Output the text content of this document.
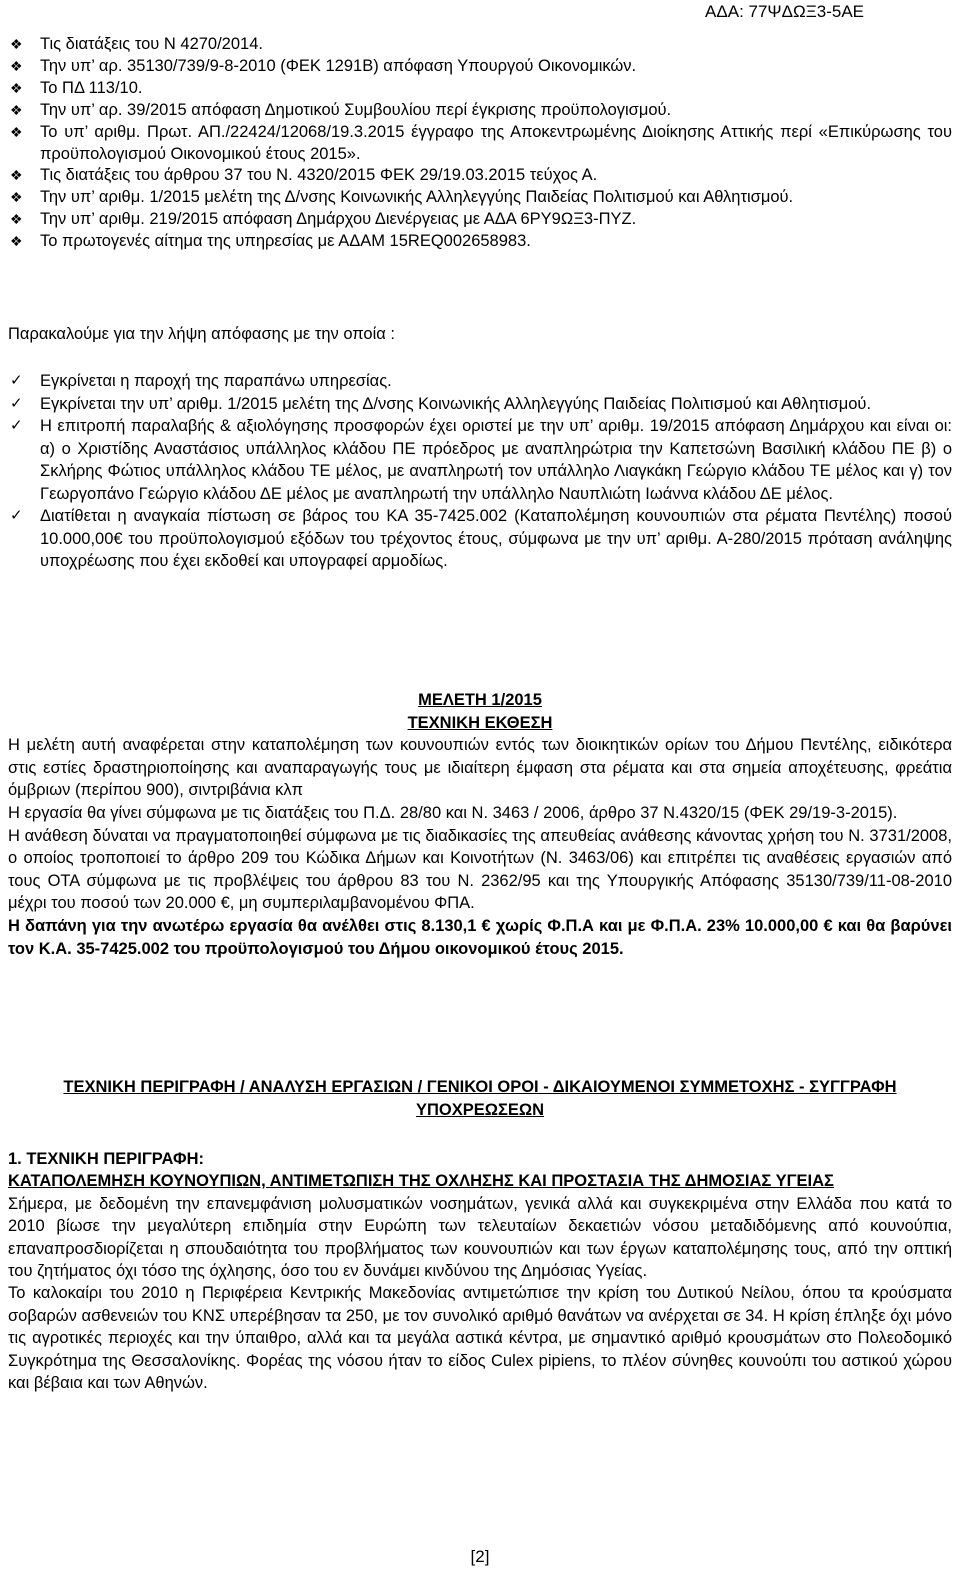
ΑΔΑ: 77ΨΔΩΞ3-5ΑΕ
❖ Τις διατάξεις του Ν 4270/2014.
❖ Την υπ’ αρ. 35130/739/9-8-2010 (ΦΕΚ 1291Β) απόφαση Υπουργού Οικονομικών.
❖ Το ΠΔ 113/10.
❖ Την υπ’ αρ. 39/2015 απόφαση Δημοτικού Συμβουλίου περί έγκρισης προϋπολογισμού.
❖ Το υπ’ αριθμ. Πρωτ. ΑΠ./22424/12068/19.3.2015 έγγραφο της Αποκεντρωμένης Διοίκησης Αττικής περί «Επικύρωσης του προϋπολογισμού Οικονομικού έτους 2015».
❖ Τις διατάξεις του άρθρου 37 του Ν. 4320/2015 ΦΕΚ 29/19.03.2015 τεύχος Α.
❖ Την υπ’ αριθμ. 1/2015 μελέτη της Δ/νσης Κοινωνικής Αλληλεγγύης Παιδείας Πολιτισμού και Αθλητισμού.
❖ Την υπ’ αριθμ. 219/2015 απόφαση Δημάρχου Διενέργειας με ΑΔΑ 6ΡΥ9ΩΞ3-ΠΥΖ.
❖ Το πρωτογενές αίτημα της υπηρεσίας με ΑΔΑΜ 15REQ002658983.
Παρακαλούμε για την λήψη απόφασης με την οποία :
✓ Εγκρίνεται η παροχή της παραπάνω υπηρεσίας.
✓ Εγκρίνεται την υπ’ αριθμ. 1/2015 μελέτη της Δ/νσης Κοινωνικής Αλληλεγγύης Παιδείας Πολιτισμού και Αθλητισμού.
✓ Η επιτροπή παραλαβής & αξιολόγησης προσφορών έχει οριστεί με την υπ’ αριθμ. 19/2015 απόφαση Δημάρχου και είναι οι: α) ο Χριστίδης Αναστάσιος υπάλληλος κλάδου ΠΕ πρόεδρος με αναπληρώτρια την Καπετσώνη Βασιλική κλάδου ΠΕ β) ο Σκλήρης Φώτιος υπάλληλος κλάδου ΤΕ μέλος, με αναπληρωτή τον υπάλληλο Λιαγκάκη Γεώργιο κλάδου ΤΕ μέλος και γ) τον Γεωργοπάνο Γεώργιο κλάδου ΔΕ μέλος με αναπληρωτή την υπάλληλο Ναυπλιώτη Ιωάννα κλάδου ΔΕ μέλος.
✓ Διατίθεται η αναγκαία πίστωση σε βάρος του ΚΑ 35-7425.002 (Καταπολέμηση κουνουπιών στα ρέματα Πεντέλης) ποσού 10.000,00€ του προϋπολογισμού εξόδων του τρέχοντος έτους, σύμφωνα με την υπ’ αριθμ. Α-280/2015 πρόταση ανάληψης υποχρέωσης που έχει εκδοθεί και υπογραφεί αρμοδίως.
ΜΕΛΕΤΗ 1/2015
ΤΕΧΝΙΚΗ ΕΚΘΕΣΗ

Η μελέτη αυτή αναφέρεται στην καταπολέμηση των κουνουπιών εντός των διοικητικών ορίων του Δήμου Πεντέλης, ειδικότερα στις εστίες δραστηριοποίησης και αναπαραγωγής τους με ιδιαίτερη έμφαση στα ρέματα και στα σημεία αποχέτευσης, φρεάτια όμβριων (περίπου 900), σιντριβάνια κλπ

Η εργασία θα γίνει σύμφωνα με τις διατάξεις του Π.Δ. 28/80 και Ν. 3463 / 2006, άρθρο 37 Ν.4320/15 (ΦΕΚ 29/19-3-2015).

Η ανάθεση δύναται να πραγματοποιηθεί σύμφωνα με τις διαδικασίες της απευθείας ανάθεσης κάνοντας χρήση του Ν. 3731/2008, ο οποίος τροποποιεί το άρθρο 209 του Κώδικα Δήμων και Κοινοτήτων (Ν. 3463/06) και επιτρέπει τις αναθέσεις εργασιών από τους ΟΤΑ σύμφωνα με τις προβλέψεις του άρθρου 83 του Ν. 2362/95 και της Υπουργικής Απόφασης 35130/739/11-08-2010 μέχρι του ποσού των 20.000 €, μη συμπεριλαμβανομένου ΦΠΑ.

Η δαπάνη για την ανωτέρω εργασία θα ανέλθει στις 8.130,1 € χωρίς Φ.Π.Α και με Φ.Π.Α. 23% 10.000,00 € και θα βαρύνει τον Κ.Α. 35-7425.002 του προϋπολογισμού του Δήμου οικονομικού έτους 2015.

ΤΕΧΝΙΚΗ ΠΕΡΙΓΡΑΦΗ / ΑΝΑΛΥΣΗ ΕΡΓΑΣΙΩΝ / ΓΕΝΙΚΟΙ ΟΡΟΙ - ΔΙΚΑΙΟΥΜΕΝΟΙ ΣΥΜΜΕΤΟΧΗΣ - ΣΥΓΓΡΑΦΗ ΥΠΟΧΡΕΩΣΕΩΝ
1. ΤΕΧΝΙΚΗ ΠΕΡΙΓΡΑΦΗ:
ΚΑΤΑΠΟΛΕΜΗΣΗ ΚΟΥΝΟΥΠΙΩΝ, ΑΝΤΙΜΕΤΩΠΙΣΗ ΤΗΣ ΟΧΛΗΣΗΣ ΚΑΙ ΠΡΟΣΤΑΣΙΑ ΤΗΣ ΔΗΜΟΣΙΑΣ ΥΓΕΙΑΣ

Σήμερα, με δεδομένη την επανεμφάνιση μολυσματικών νοσημάτων, γενικά αλλά και συγκεκριμένα στην Ελλάδα που κατά το 2010 βίωσε την μεγαλύτερη επιδημία στην Ευρώπη των τελευταίων δεκαετιών νόσου μεταδιδόμενης από κουνούπια, επαναπροσδιορίζεται η σπουδαιότητα του προβλήματος των κουνουπιών και των έργων καταπολέμησης τους, από την οπτική του ζητήματος όχι τόσο της όχλησης, όσο του εν δυνάμει κινδύνου της Δημόσιας Υγείας.

Το καλοκαίρι του 2010 η Περιφέρεια Κεντρικής Μακεδονίας αντιμετώπισε την κρίση του Δυτικού Νείλου, όπου τα κρούσματα σοβαρών ασθενειών του ΚΝΣ υπερέβησαν τα 250, με τον συνολικό αριθμό θανάτων να ανέρχεται σε 34. Η κρίση έπληξε όχι μόνο τις αγροτικές περιοχές και την ύπαιθρο, αλλά και τα μεγάλα αστικά κέντρα, με σημαντικό αριθμό κρουσμάτων στο Πολεοδομικό Συγκρότημα της Θεσσαλονίκης. Φορέας της νόσου ήταν το είδος Culex pipiens, το πλέον σύνηθες κουνούπι του αστικού χώρου και βέβαια και των Αθηνών.

[2]
